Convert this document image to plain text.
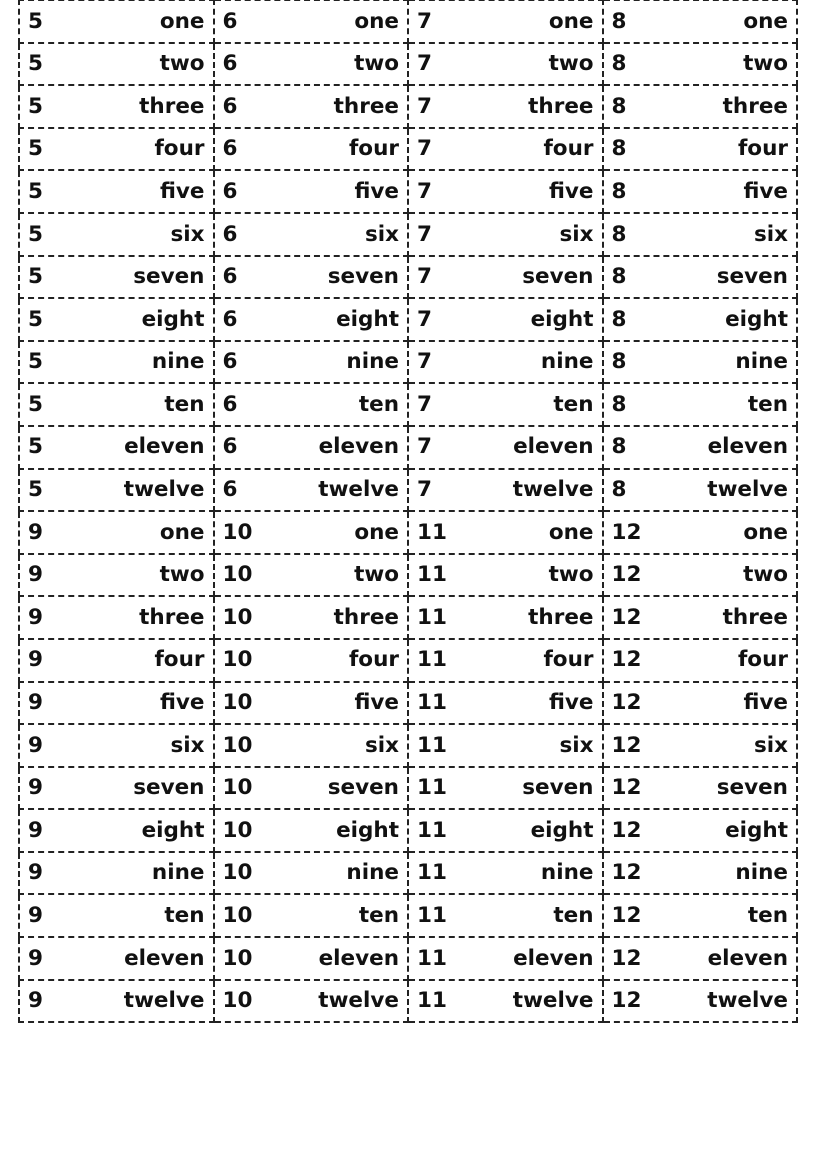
5 one	6 one	7 one	8 one

5 two	6 two	7 two	8 two

5 three	6 three	7 three	8 three

5 four	6 four	7 four	8 four

5 five	6 five	7 five	8 five

5 six	6 six	7 six	8 six

5 seven	6 seven	7 seven	8 seven

5 eight	6 eight	7 eight	8 eight

5 nine	6 nine	7 nine	8 nine

5 ten	6 ten	7 ten	8 ten

5 eleven	6 eleven	7 eleven	8 eleven

5 twelve	6 twelve	7 twelve	8 twelve

9 one	10 one	11 one	12 one

9 two	10 two	11 two	12 two

9 three	10 three	11 three	12 three

9 four	10 four	11 four	12 four

9 five	10 five	11 five	12 five

9 six	10 six	11 six	12 six

9 seven	10 seven	11 seven	12 seven

9 eight	10 eight	11 eight	12 eight

9 nine	10 nine	11 nine	12 nine

9 ten	10 ten	11 ten	12 ten

9 eleven	10 eleven	11 eleven	12 eleven

9 twelve	10 twelve	11 twelve	12 twelve
